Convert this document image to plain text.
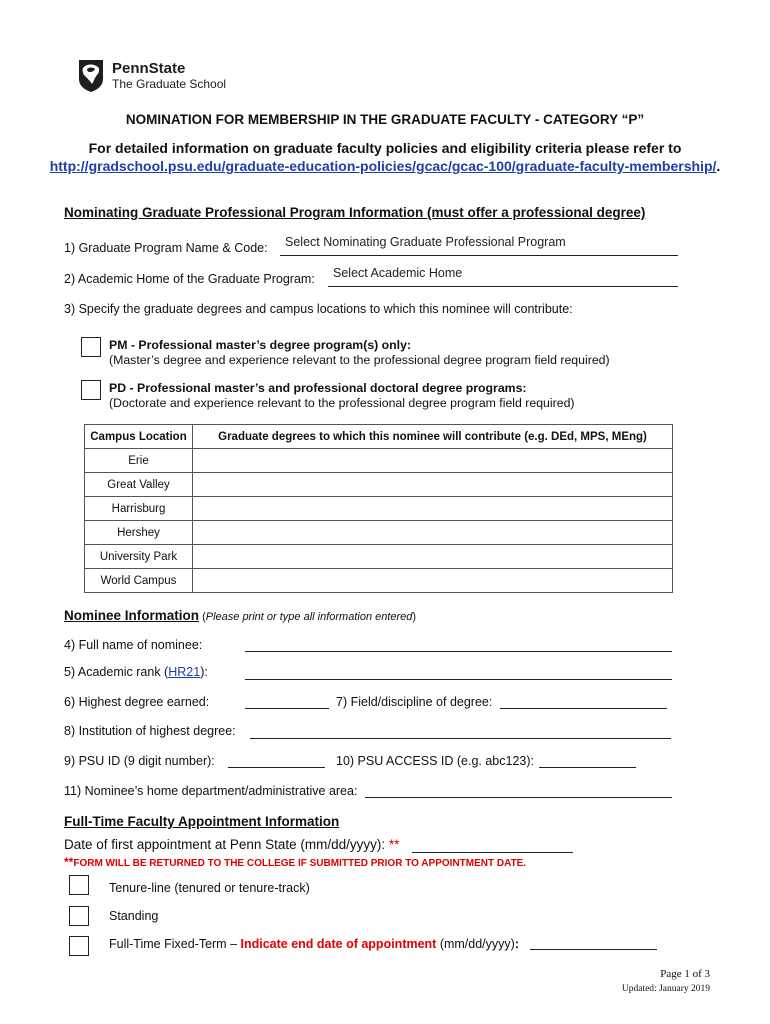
PennState
The Graduate School
NOMINATION FOR MEMBERSHIP IN THE GRADUATE FACULTY - CATEGORY “P”
For detailed information on graduate faculty policies and eligibility criteria please refer to
http://gradschool.psu.edu/graduate-education-policies/gcac/gcac-100/graduate-faculty-membership/.
Nominating Graduate Professional Program Information (must offer a professional degree)
1) Graduate Program Name & Code: Select Nominating Graduate Professional Program
2) Academic Home of the Graduate Program: Select Academic Home
3) Specify the graduate degrees and campus locations to which this nominee will contribute:
PM - Professional master’s degree program(s) only:
(Master’s degree and experience relevant to the professional degree program field required)
PD - Professional master’s and professional doctoral degree programs:
(Doctorate and experience relevant to the professional degree program field required)
Campus Location	Graduate degrees to which this nominee will contribute (e.g. DEd, MPS, MEng)
Erie	
Great Valley	
Harrisburg	
Hershey	
University Park	
World Campus	
Nominee Information (Please print or type all information entered)
4) Full name of nominee:
5) Academic rank (HR21):
6) Highest degree earned:	7) Field/discipline of degree:
8) Institution of highest degree:
9) PSU ID (9 digit number):	10) PSU ACCESS ID (e.g. abc123):
11) Nominee’s home department/administrative area:
Full-Time Faculty Appointment Information
Date of first appointment at Penn State (mm/dd/yyyy): **
**FORM WILL BE RETURNED TO THE COLLEGE IF SUBMITTED PRIOR TO APPOINTMENT DATE.
Tenure-line (tenured or tenure-track)
Standing
Full-Time Fixed-Term – Indicate end date of appointment (mm/dd/yyyy):
Page 1 of 3
Updated: January 2019
